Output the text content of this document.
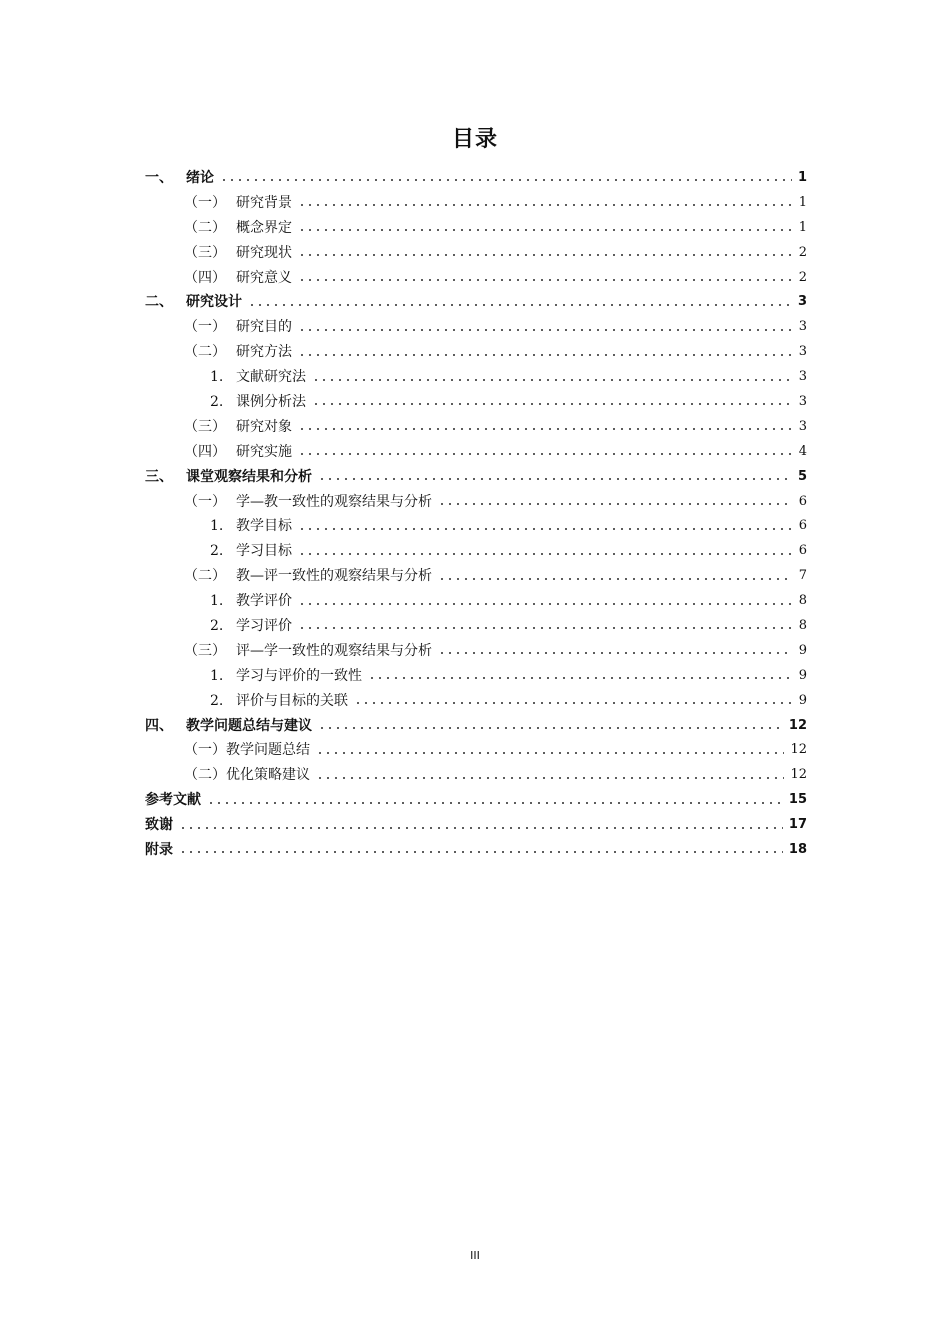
目录
一、 绪论	1
（一） 研究背景	1
（二） 概念界定	1
（三） 研究现状	2
（四） 研究意义	2
二、 研究设计	3
（一） 研究目的	3
（二） 研究方法	3
1. 文献研究法	3
2. 课例分析法	3
（三） 研究对象	3
（四） 研究实施	4
三、 课堂观察结果和分析	5
（一） 学—教一致性的观察结果与分析	6
1. 教学目标	6
2. 学习目标	6
（二） 教—评一致性的观察结果与分析	7
1. 教学评价	8
2. 学习评价	8
（三） 评—学一致性的观察结果与分析	9
1. 学习与评价的一致性	9
2. 评价与目标的关联	9
四、 教学问题总结与建议	12
（一） 教学问题总结	12
（二） 优化策略建议	12
参考文献	15
致谢	17
附录	18
III
